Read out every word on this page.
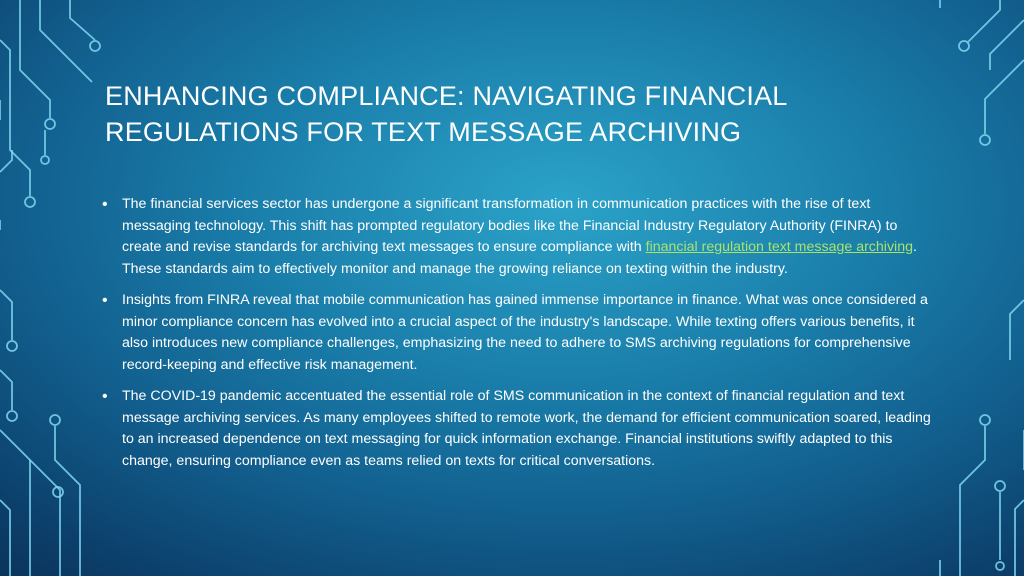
ENHANCING COMPLIANCE: NAVIGATING FINANCIAL
REGULATIONS FOR TEXT MESSAGE ARCHIVING
• The financial services sector has undergone a significant transformation in communication practices with the rise of text messaging technology. This shift has prompted regulatory bodies like the Financial Industry Regulatory Authority (FINRA) to create and revise standards for archiving text messages to ensure compliance with financial regulation text message archiving. These standards aim to effectively monitor and manage the growing reliance on texting within the industry.
• Insights from FINRA reveal that mobile communication has gained immense importance in finance. What was once considered a minor compliance concern has evolved into a crucial aspect of the industry's landscape. While texting offers various benefits, it also introduces new compliance challenges, emphasizing the need to adhere to SMS archiving regulations for comprehensive record-keeping and effective risk management.
• The COVID-19 pandemic accentuated the essential role of SMS communication in the context of financial regulation and text message archiving services. As many employees shifted to remote work, the demand for efficient communication soared, leading to an increased dependence on text messaging for quick information exchange. Financial institutions swiftly adapted to this change, ensuring compliance even as teams relied on texts for critical conversations.
